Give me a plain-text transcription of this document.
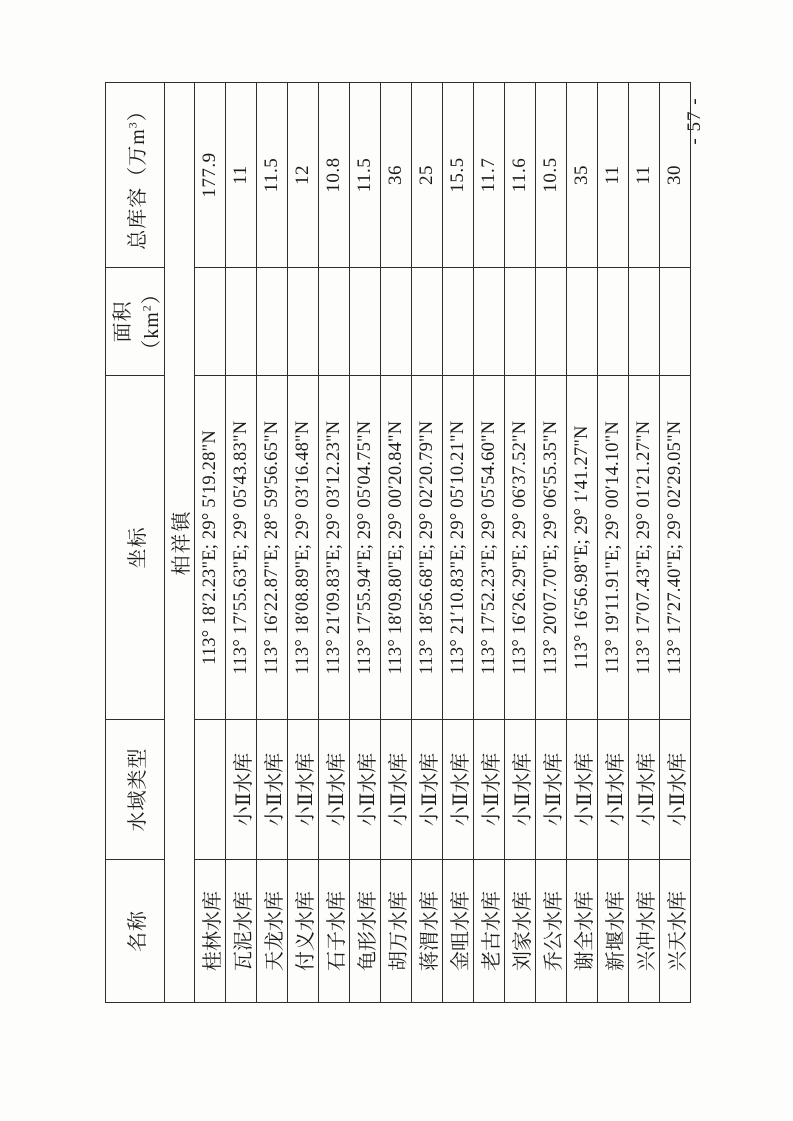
名称	水域类型	坐标	面积$(km^2)$	总库容（万$m^3$）
柏祥镇				
桂林水库		113° 18′2.23"E; 29° 5′19.28"N		177.9
瓦泥水库	小Ⅱ水库	113° 17′55.63"E; 29° 05′43.83"N		11
天龙水库	小Ⅱ水库	113° 16′22.87"E; 28° 59′56.65"N		11.5
付义水库	小Ⅱ水库	113° 18′08.89"E; 29° 03′16.48"N		12
石子水库	小Ⅱ水库	113° 21′09.83"E; 29° 03′12.23"N		10.8
龟形水库	小Ⅱ水库	113° 17′55.94"E; 29° 05′04.75"N		11.5
胡万水库	小Ⅱ水库	113° 18′09.80"E; 29° 00′20.84"N		36
蒋渭水库	小Ⅱ水库	113° 18′56.68"E; 29° 02′20.79"N		25
金咀水库	小Ⅱ水库	113° 21′10.83"E; 29° 05′10.21"N		15.5
老古水库	小Ⅱ水库	113° 17′52.23"E; 29° 05′54.60"N		11.7
刘家水库	小Ⅱ水库	113° 16′26.29"E; 29° 06′37.52"N		11.6
乔公水库	小Ⅱ水库	113° 20′07.70"E; 29° 06′55.35"N		10.5
谢全水库	小Ⅱ水库	113° 16′56.98"E; 29° 1′41.27"N		35
新堰水库	小Ⅱ水库	113° 19′11.91"E; 29° 00′14.10"N		11
兴冲水库	小Ⅱ水库	113° 17′07.43"E; 29° 01′21.27"N		11
兴天水库	小Ⅱ水库	113° 17′27.40"E; 29° 02′29.05"N		30
- 57 -
